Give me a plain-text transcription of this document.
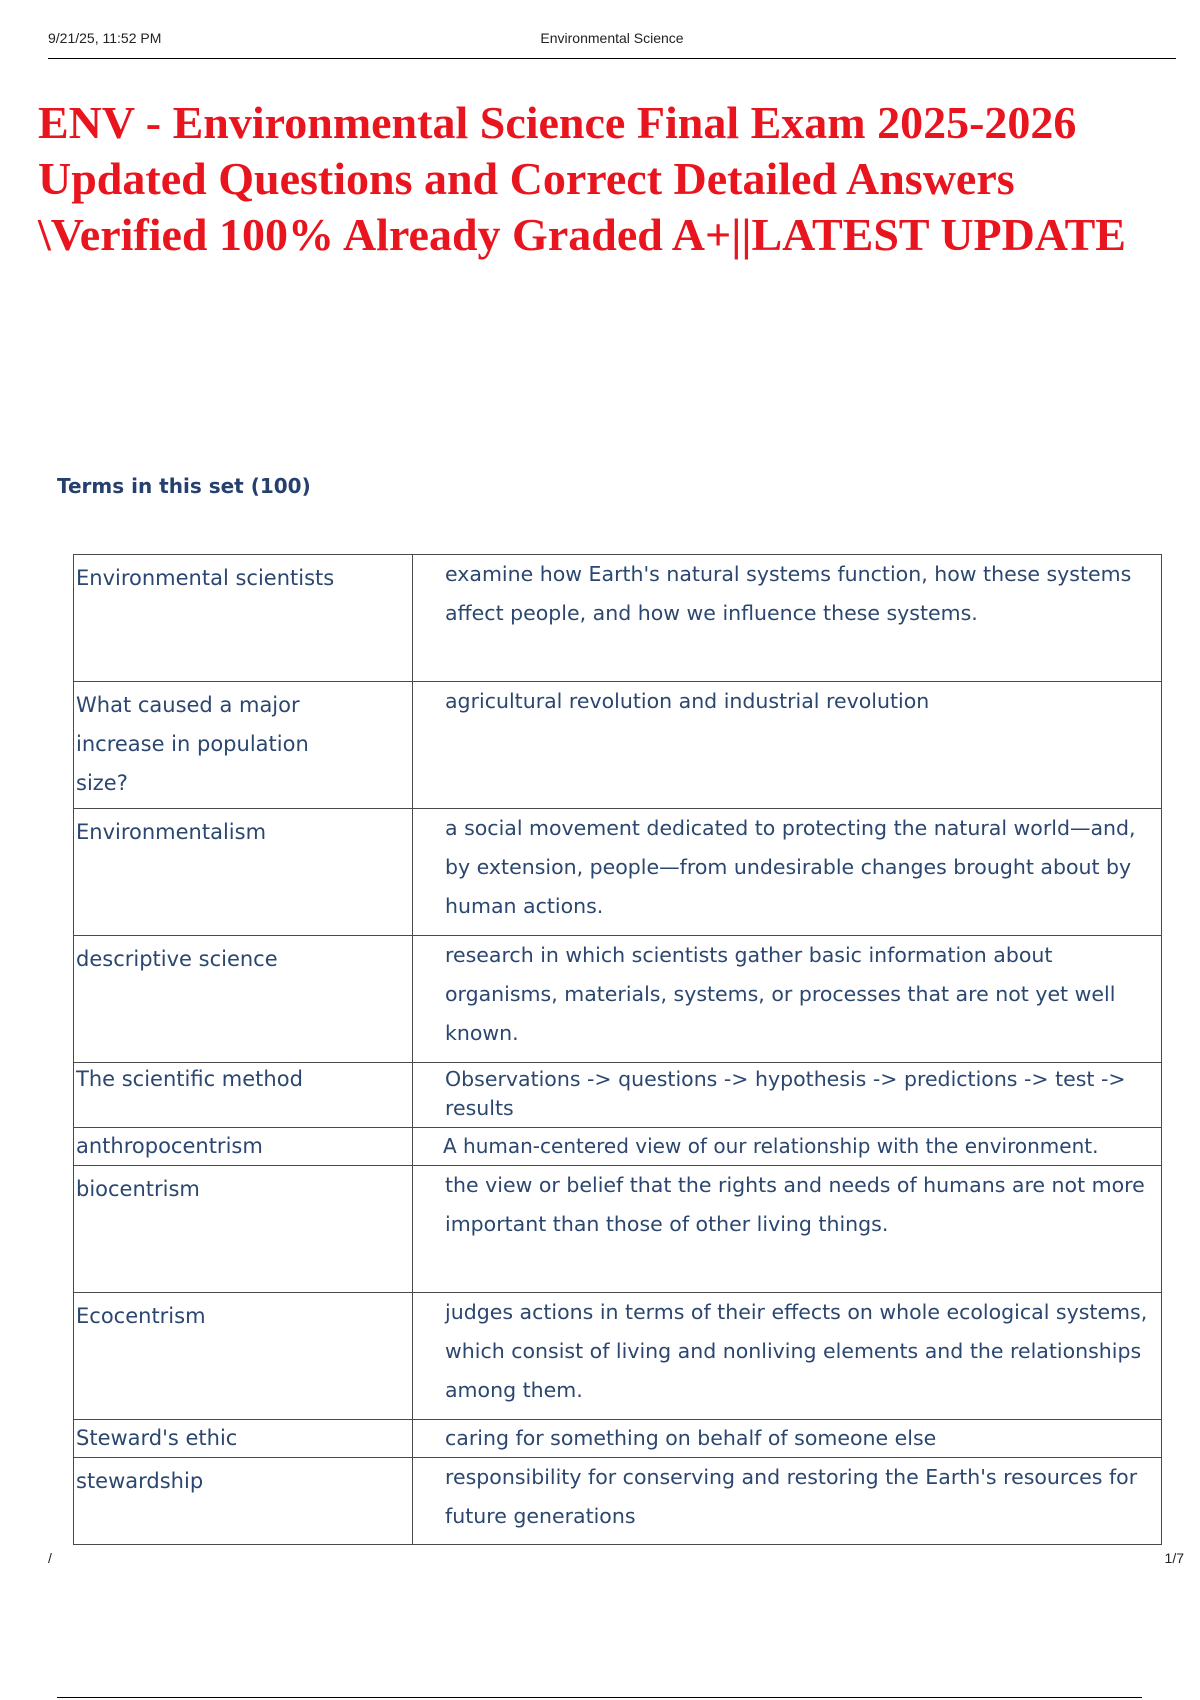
9/21/25, 11:52 PM	Environmental Science
ENV - Environmental Science Final Exam 2025-2026 Updated Questions and Correct Detailed Answers \Verified 100% Already Graded A+||LATEST UPDATE
Terms in this set (100)
Environmental scientists	examine how Earth's natural systems function, how these systems affect people, and how we influence these systems.
What caused a major increase in population size?	agricultural revolution and industrial revolution
Environmentalism	a social movement dedicated to protecting the natural world—and, by extension, people—from undesirable changes brought about by human actions.
descriptive science	research in which scientists gather basic information about organisms, materials, systems, or processes that are not yet well known.
The scientific method	Observations -> questions -> hypothesis -> predictions -> test -> results
anthropocentrism	A human-centered view of our relationship with the environment.
biocentrism	the view or belief that the rights and needs of humans are not more important than those of other living things.
Ecocentrism	judges actions in terms of their effects on whole ecological systems, which consist of living and nonliving elements and the relationships among them.
Steward's ethic	caring for something on behalf of someone else
stewardship	responsibility for conserving and restoring the Earth's resources for future generations
/	1/7
